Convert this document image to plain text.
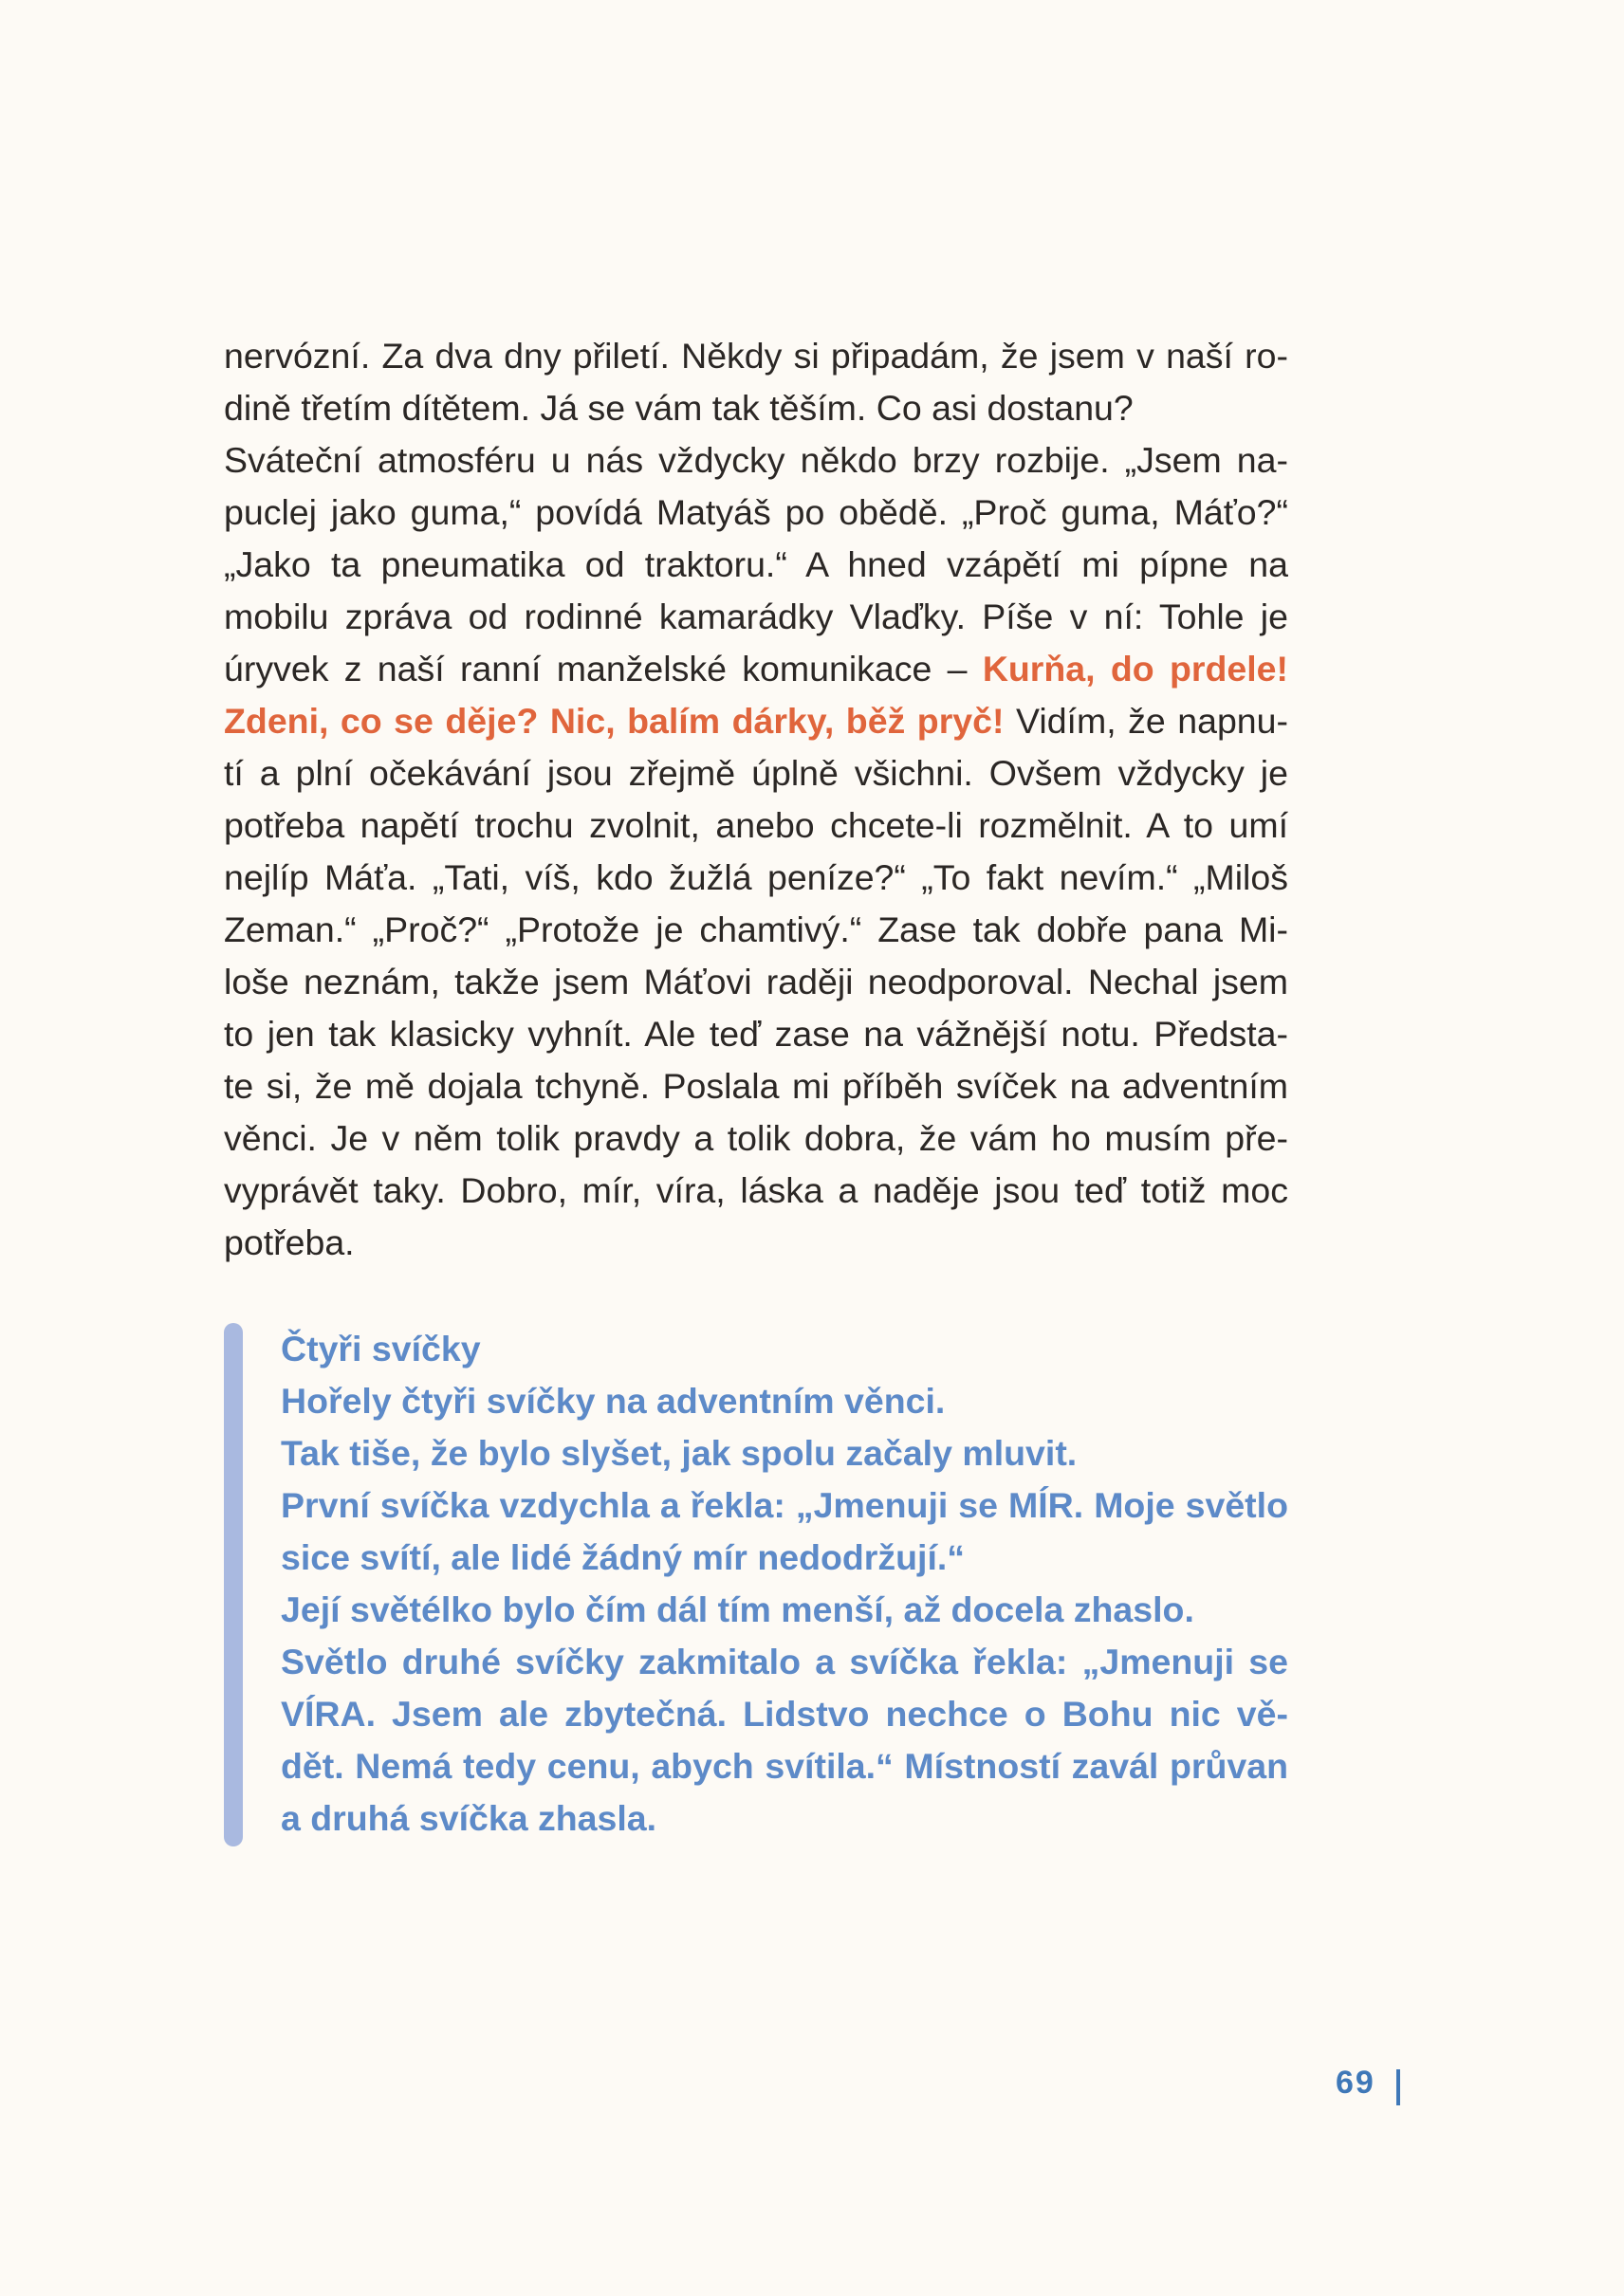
nervózní. Za dva dny přiletí. Někdy si připadám, že jsem v naší ro-
dině třetím dítětem. Já se vám tak těším. Co asi dostanu?
Sváteční atmosféru u nás vždycky někdo brzy rozbije. „Jsem na-
puclej jako guma,“ povídá Matyáš po obědě. „Proč guma, Máťo?“
„Jako ta pneumatika od traktoru.“ A hned vzápětí mi pípne na
mobilu zpráva od rodinné kamarádky Vlaďky. Píše v ní: Tohle je
úryvek z naší ranní manželské komunikace – Kurňa, do prdele!
Zdeni, co se děje? Nic, balím dárky, běž pryč! Vidím, že napnu-
tí a plní očekávání jsou zřejmě úplně všichni. Ovšem vždycky je
potřeba napětí trochu zvolnit, anebo chcete-li rozmělnit. A to umí
nejlíp Máťa. „Tati, víš, kdo žužlá peníze?“ „To fakt nevím.“ „Miloš
Zeman.“ „Proč?“ „Protože je chamtivý.“ Zase tak dobře pana Mi-
loše neznám, takže jsem Máťovi raději neodporoval. Nechal jsem
to jen tak klasicky vyhnít. Ale teď zase na vážnější notu. Předsta-
te si, že mě dojala tchyně. Poslala mi příběh svíček na adventním
věnci. Je v něm tolik pravdy a tolik dobra, že vám ho musím pře-
vyprávět taky. Dobro, mír, víra, láska a naděje jsou teď totiž moc
potřeba.
Čtyři svíčky
Hořely čtyři svíčky na adventním věnci.
Tak tiše, že bylo slyšet, jak spolu začaly mluvit.
První svíčka vzdychla a řekla: „Jmenuji se MÍR. Moje světlo
sice svítí, ale lidé žádný mír nedodržují.“
Její světélko bylo čím dál tím menší, až docela zhaslo.
Světlo druhé svíčky zakmitalo a svíčka řekla: „Jmenuji se
VÍRA. Jsem ale zbytečná. Lidstvo nechce o Bohu nic vě-
dět. Nemá tedy cenu, abych svítila.“ Místností zavál průvan
a druhá svíčka zhasla.
69
